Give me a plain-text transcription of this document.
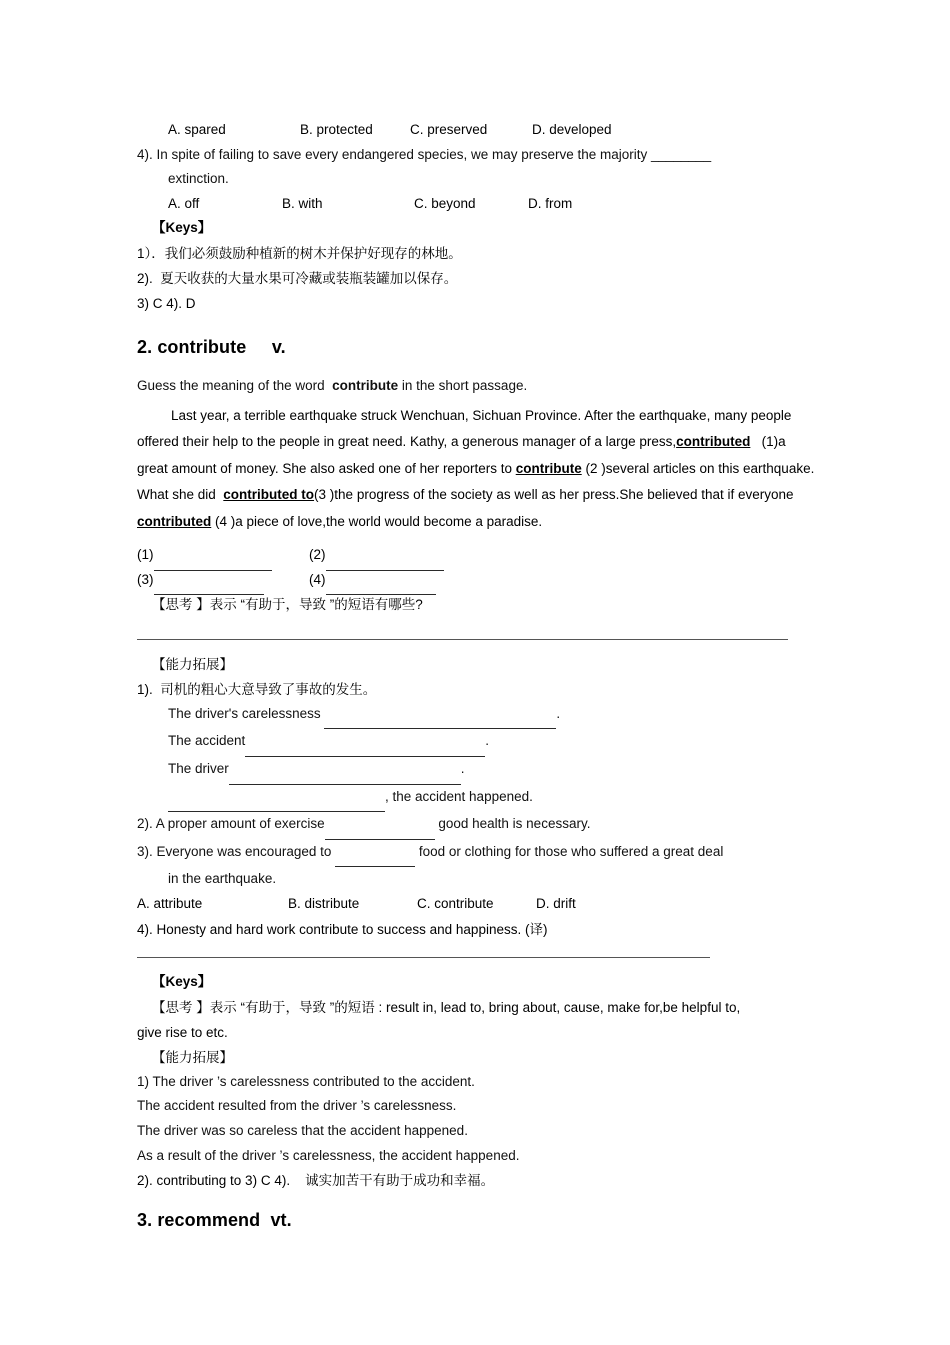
A. spared	B. protected	C. preserved	D. developed
4). In spite of failing to save every endangered species, we may preserve the majority ________
extinction.
A. off	B. with	C. beyond	D. from
【Keys】
1）．我们必须鼓励种植新的树木并保护好现存的林地。
2).  夏天收获的大量水果可冷藏或装瓶装罐加以保存。
3) C 4). D
2. contribute     v.
Guess the meaning of the word  contribute in the short passage.
Last year, a terrible earthquake struck Wenchuan, Sichuan Province. After the earthquake, many people offered their help to the people in great need. Kathy, a generous manager of a large press,contributed   (1)a great amount of money. She also asked one of her reporters to contribute (2 )several articles on this earthquake. What she did  contributed to(3 )the progress of the society as well as her press.She believed that if everyone contributed (4 )a piece of love,the world would become a paradise.
(1)	(2)
(3)	(4)
【思考 】表示 “有助于，导致 ”的短语有哪些?
【能力拓展】
1).  司机的粗心大意导致了事故的发生。
The driver's carelessness	.
The accident	.
The driver	.
, the accident happened.
2). A proper amount of exercise	good health is necessary.
3). Everyone was encouraged to	food or clothing for those who suffered a great deal
in the earthquake.
A. attribute	B. distribute	C. contribute	D. drift
4). Honesty and hard work contribute to success and happiness. (译)
【Keys】
【思考 】表示 “有助于，导致 ”的短语 : result in, lead to, bring about, cause, make for,be helpful to,
give rise to etc.
【能力拓展】
1) The driver ’s carelessness contributed to the accident.
The accident resulted from the driver ’s carelessness.
The driver was so careless that the accident happened.
As a result of the driver ’s carelessness, the accident happened.
2). contributing to 3) C 4).    诚实加苦干有助于成功和幸福。
3. recommend  vt.
